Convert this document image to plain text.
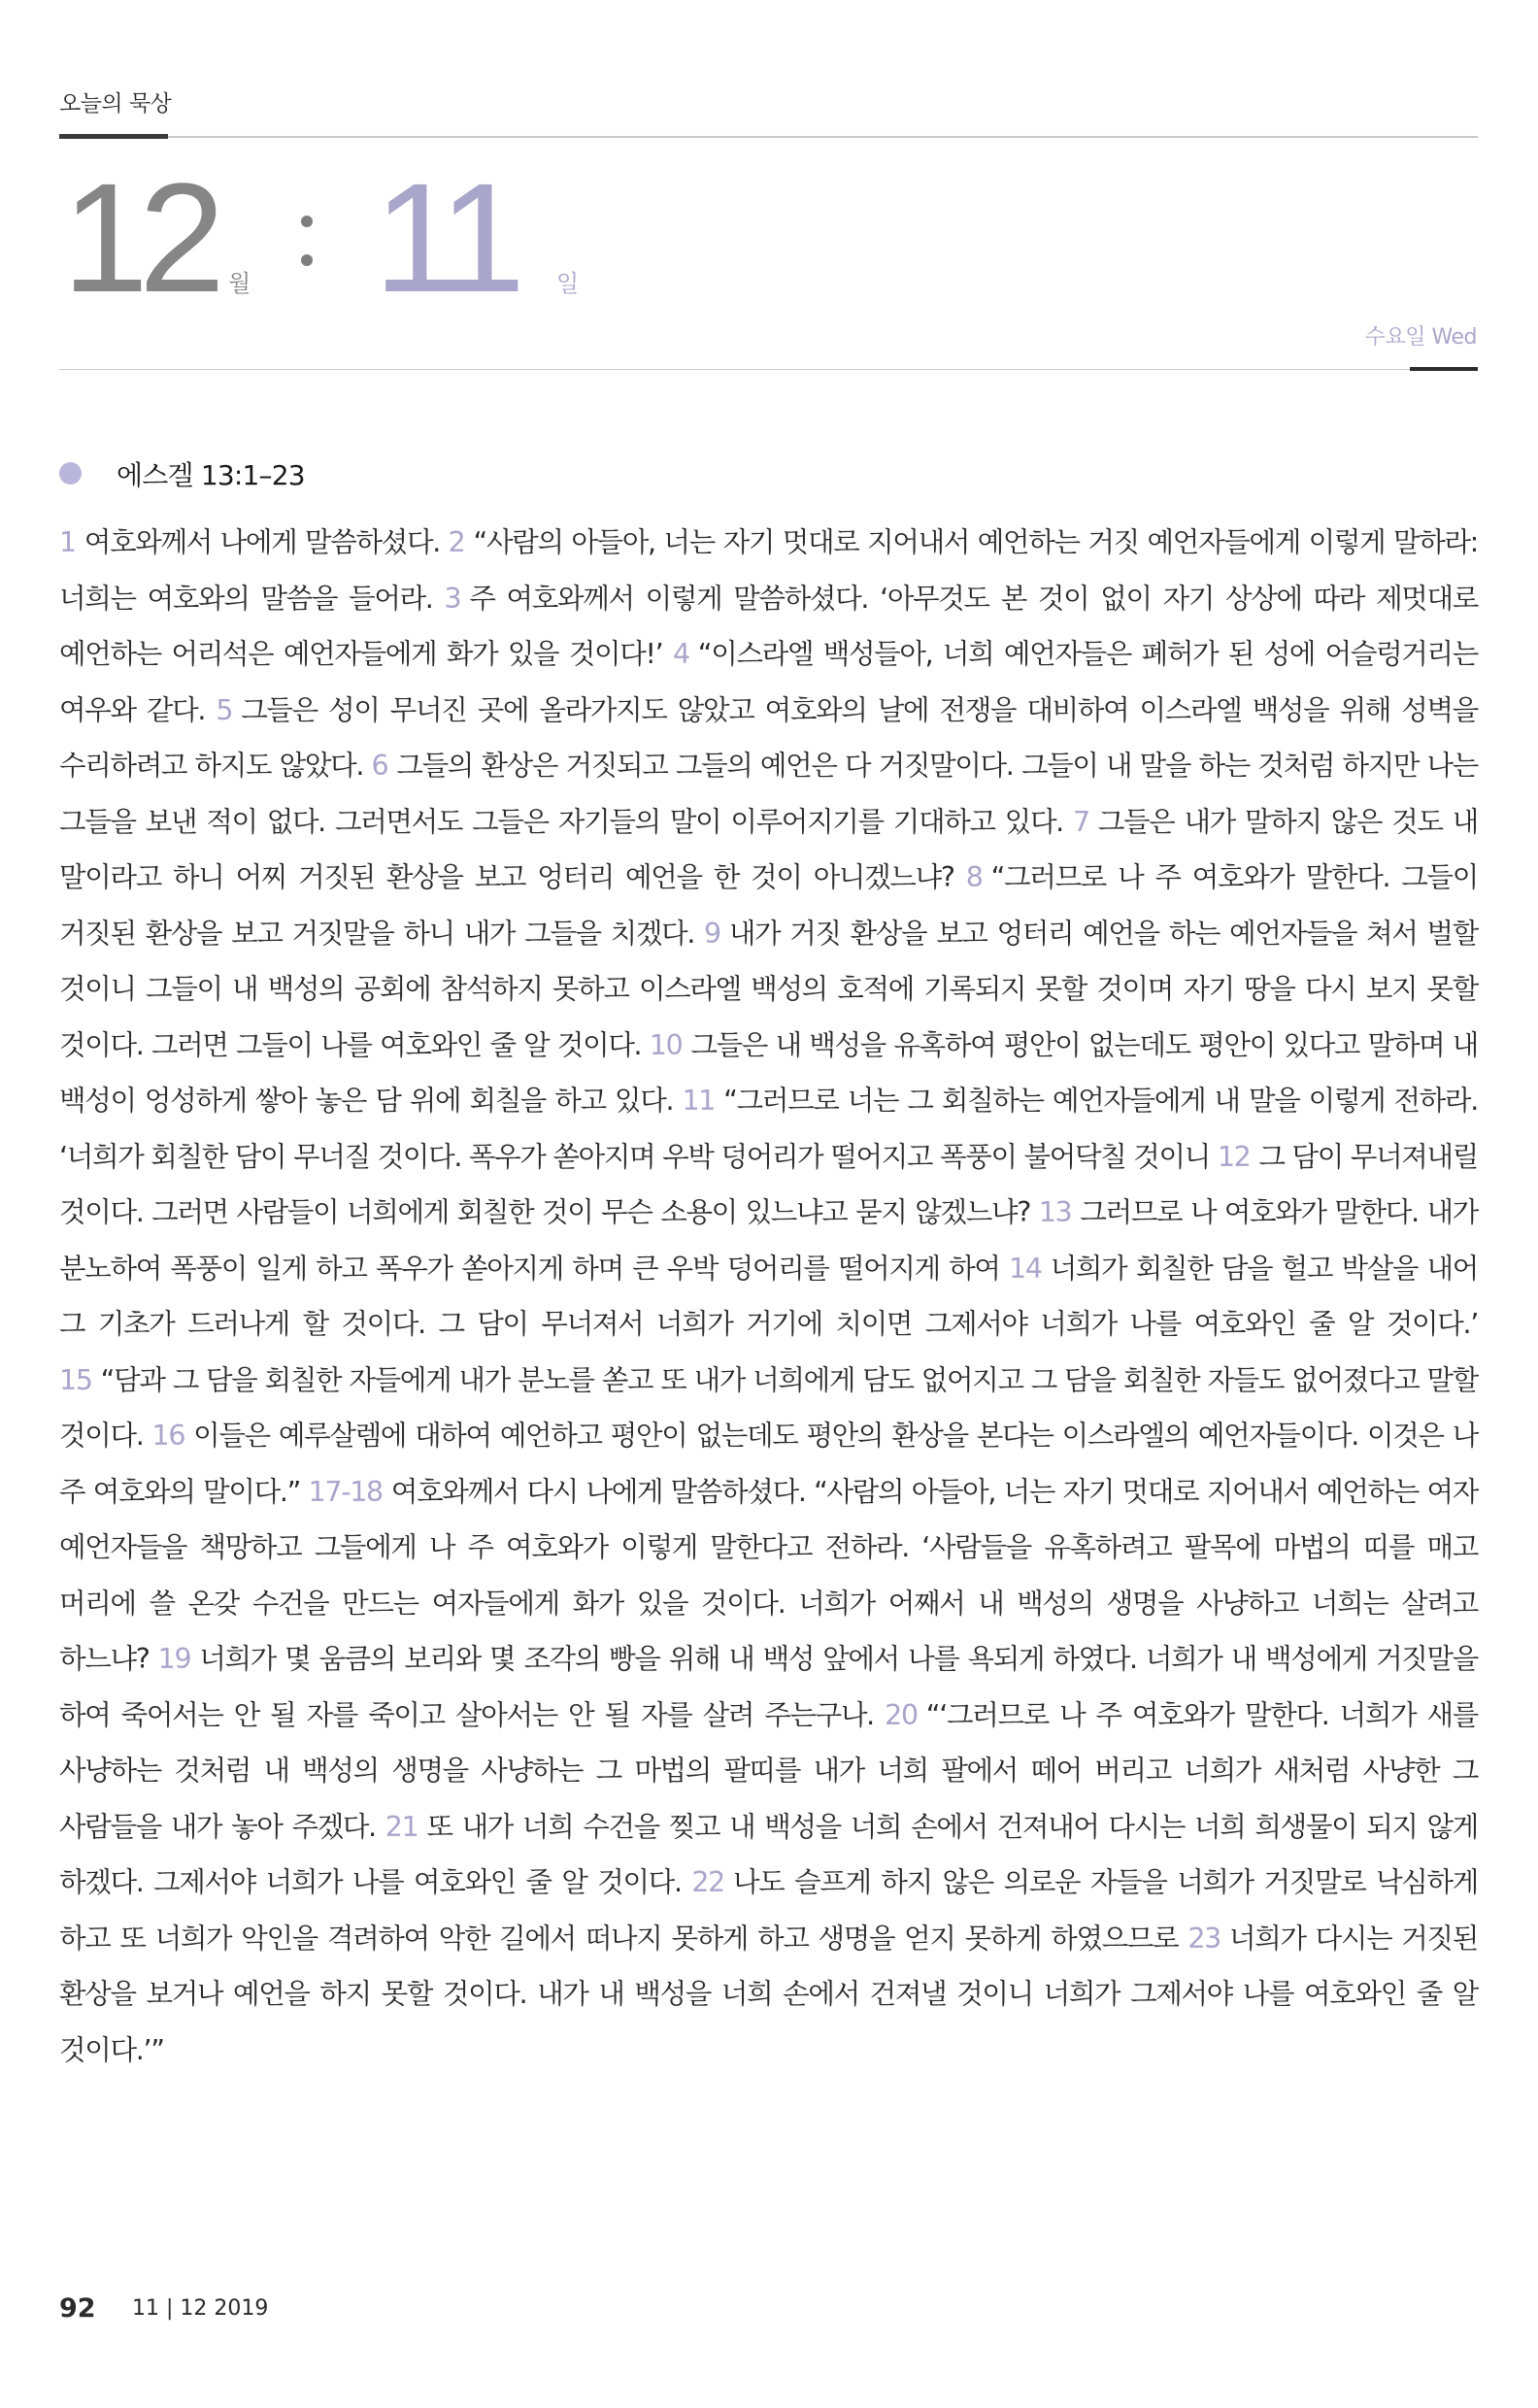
오늘의 묵상
12 월 11 일
수요일 Wed
에스겔 13:1–23
1 여호와께서 나에게 말씀하셨다. 2 “사람의 아들아, 너는 자기 멋대로 지어내서 예언하는 거짓 예언자들에게 이렇게 말하라:너희는 여호와의 말씀을 들어라. 3 주 여호와께서 이렇게 말씀하셨다. ‘아무것도 본 것이 없이 자기 상상에 따라 제멋대로 예언하는 어리석은 예언자들에게 화가 있을 것이다!’ 4 “이스라엘 백성들아, 너희 예언자들은 폐허가 된 성에 어슬렁거리는 여우와 같다. 5 그들은 성이 무너진 곳에 올라가지도 않았고 여호와의 날에 전쟁을 대비하여 이스라엘 백성을 위해 성벽을 수리하려고 하지도 않았다. 6 그들의 환상은 거짓되고 그들의 예언은 다 거짓말이다. 그들이 내 말을 하는 것처럼 하지만 나는 그들을 보낸 적이 없다. 그러면서도 그들은 자기들의 말이 이루어지기를 기대하고 있다. 7 그들은 내가 말하지 않은 것도 내 말이라고 하니 어찌 거짓된 환상을 보고 엉터리 예언을 한 것이 아니겠느냐? 8 “그러므로 나 주 여호와가 말한다. 그들이 거짓된 환상을 보고 거짓말을 하니 내가 그들을 치겠다. 9 내가 거짓 환상을 보고 엉터리 예언을 하는 예언자들을 쳐서 벌할 것이니 그들이 내 백성의 공회에 참석하지 못하고 이스라엘 백성의 호적에 기록되지 못할 것이며 자기 땅을 다시 보지 못할 것이다. 그러면 그들이 나를 여호와인 줄 알 것이다. 10 그들은 내 백성을 유혹하여 평안이 없는데도 평안이 있다고 말하며 내 백성이 엉성하게 쌓아 놓은 담 위에 회칠을 하고 있다. 11 “그러므로 너는 그 회칠하는 예언자들에게 내 말을 이렇게 전하라. ‘너희가 회칠한 담이 무너질 것이다. 폭우가 쏟아지며 우박 덩어리가 떨어지고 폭풍이 불어닥칠 것이니 12 그 담이 무너져내릴 것이다. 그러면 사람들이 너희에게 회칠한 것이 무슨 소용이 있느냐고 묻지 않겠느냐? 13 그러므로 나 여호와가 말한다. 내가 분노하여 폭풍이 일게 하고 폭우가 쏟아지게 하며 큰 우박 덩어리를 떨어지게 하여 14 너희가 회칠한 담을 헐고 박살을 내어 그 기초가 드러나게 할 것이다. 그 담이 무너져서 너희가 거기에 치이면 그제서야 너희가 나를 여호와인 줄 알 것이다.’ 15 “담과 그 담을 회칠한 자들에게 내가 분노를 쏟고 또 내가 너희에게 담도 없어지고 그 담을 회칠한 자들도 없어졌다고 말할 것이다. 16 이들은 예루살렘에 대하여 예언하고 평안이 없는데도 평안의 환상을 본다는 이스라엘의 예언자들이다. 이것은 나 주 여호와의 말이다.” 17-18 여호와께서 다시 나에게 말씀하셨다. “사람의 아들아, 너는 자기 멋대로 지어내서 예언하는 여자 예언자들을 책망하고 그들에게 나 주 여호와가 이렇게 말한다고 전하라. ‘사람들을 유혹하려고 팔목에 마법의 띠를 매고 머리에 쓸 온갖 수건을 만드는 여자들에게 화가 있을 것이다. 너희가 어째서 내 백성의 생명을 사냥하고 너희는 살려고 하느냐? 19 너희가 몇 움큼의 보리와 몇 조각의 빵을 위해 내 백성 앞에서 나를 욕되게 하였다. 너희가 내 백성에게 거짓말을 하여 죽어서는 안 될 자를 죽이고 살아서는 안 될 자를 살려 주는구나. 20 “‘그러므로 나 주 여호와가 말한다. 너희가 새를 사냥하는 것처럼 내 백성의 생명을 사냥하는 그 마법의 팔띠를 내가 너희 팔에서 떼어 버리고 너희가 새처럼 사냥한 그 사람들을 내가 놓아 주겠다. 21 또 내가 너희 수건을 찢고 내 백성을 너희 손에서 건져내어 다시는 너희 희생물이 되지 않게 하겠다. 그제서야 너희가 나를 여호와인 줄 알 것이다. 22 나도 슬프게 하지 않은 의로운 자들을 너희가 거짓말로 낙심하게 하고 또 너희가 악인을 격려하여 악한 길에서 떠나지 못하게 하고 생명을 얻지 못하게 하였으므로 23 너희가 다시는 거짓된 환상을 보거나 예언을 하지 못할 것이다. 내가 내 백성을 너희 손에서 건져낼 것이니 너희가 그제서야 나를 여호와인 줄 알 것이다.’”
92 11 | 12 2019
